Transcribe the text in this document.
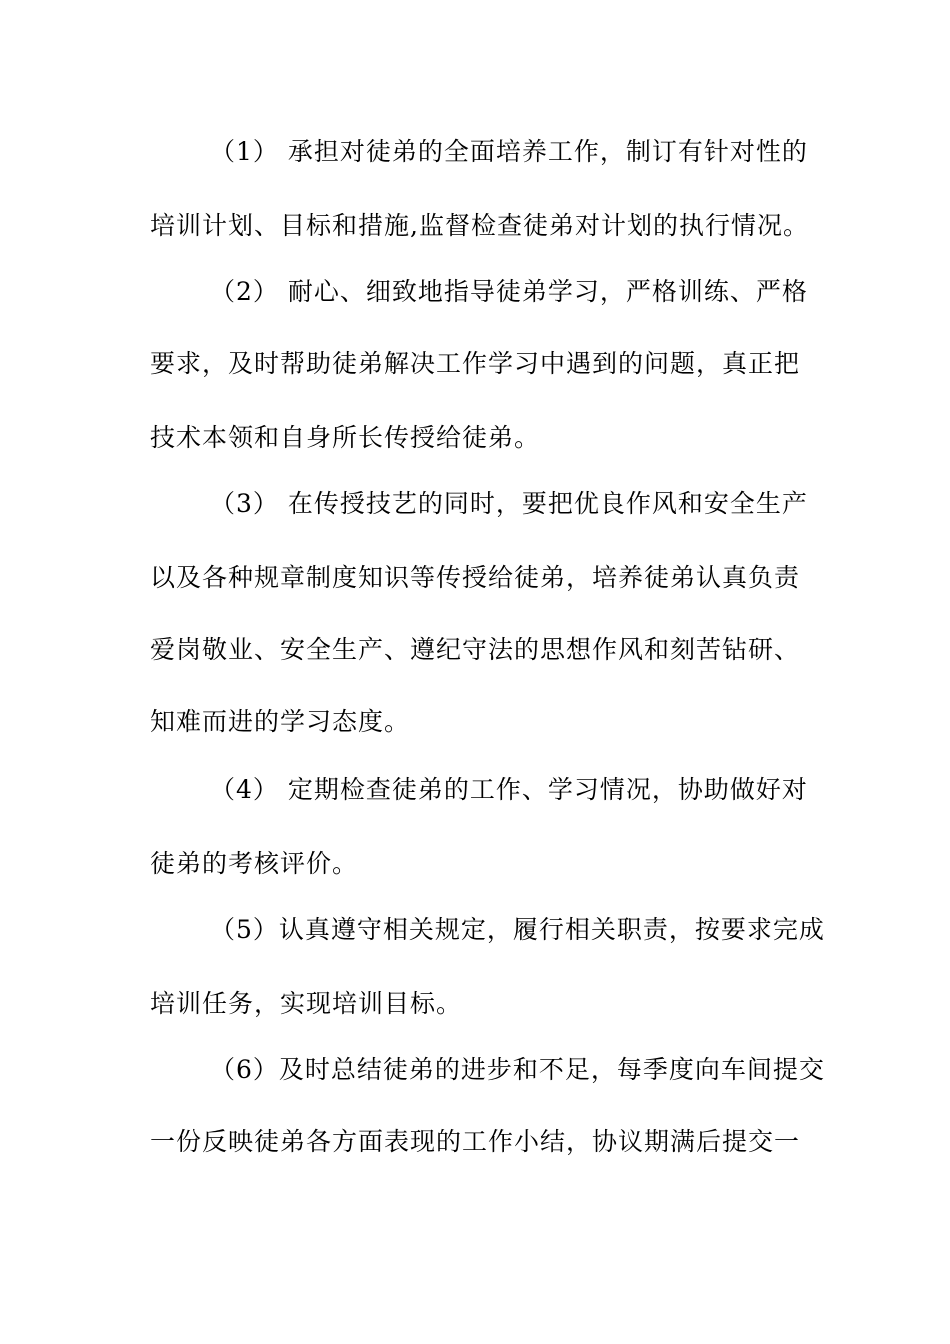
（1） 承担对徒弟的全面培养工作，制订有针对性的
培训计划、目标和措施,监督检查徒弟对计划的执行情况。
（2） 耐心、细致地指导徒弟学习，严格训练、严格
要求，及时帮助徒弟解决工作学习中遇到的问题，真正把
技术本领和自身所长传授给徒弟。
（3） 在传授技艺的同时，要把优良作风和安全生产
以及各种规章制度知识等传授给徒弟，培养徒弟认真负责
爱岗敬业、安全生产、遵纪守法的思想作风和刻苦钻研、
知难而进的学习态度。
（4） 定期检查徒弟的工作、学习情况，协助做好对
徒弟的考核评价。
（5）认真遵守相关规定，履行相关职责，按要求完成
培训任务，实现培训目标。
（6）及时总结徒弟的进步和不足，每季度向车间提交
一份反映徒弟各方面表现的工作小结，协议期满后提交一
